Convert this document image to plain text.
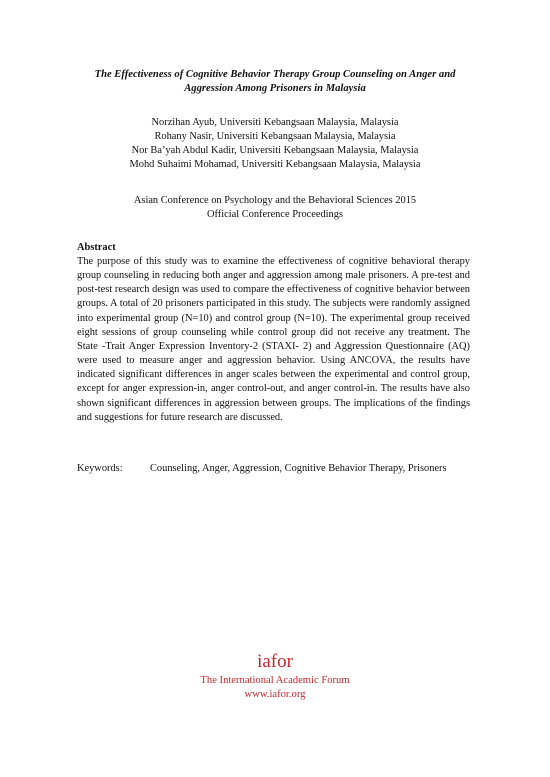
The Effectiveness of Cognitive Behavior Therapy Group Counseling on Anger and
Aggression Among Prisoners in Malaysia
Norzihan Ayub, Universiti Kebangsaan Malaysia, Malaysia
Rohany Nasir, Universiti Kebangsaan Malaysia, Malaysia
Nor Ba’yah Abdul Kadir, Universiti Kebangsaan Malaysia, Malaysia
Mohd Suhaimi Mohamad, Universiti Kebangsaan Malaysia, Malaysia
Asian Conference on Psychology and the Behavioral Sciences 2015
Official Conference Proceedings
Abstract
The purpose of this study was to examine the effectiveness of cognitive behavioral therapy group counseling in reducing both anger and aggression among male prisoners. A pre-test and post-test research design was used to compare the effectiveness of cognitive behavior between groups. A total of 20 prisoners participated in this study. The subjects were randomly assigned into experimental group (N=10) and control group (N=10). The experimental group received eight sessions of group counseling while control group did not receive any treatment. The State -Trait Anger Expression Inventory-2 (STAXI- 2) and Aggression Questionnaire (AQ) were used to measure anger and aggression behavior. Using ANCOVA, the results have indicated significant differences in anger scales between the experimental and control group, except for anger expression-in, anger control-out, and anger control-in. The results have also shown significant differences in aggression between groups. The implications of the findings and suggestions for future research are discussed.
Keywords:	Counseling, Anger, Aggression, Cognitive Behavior Therapy, Prisoners
iafor
The International Academic Forum
www.iafor.org
